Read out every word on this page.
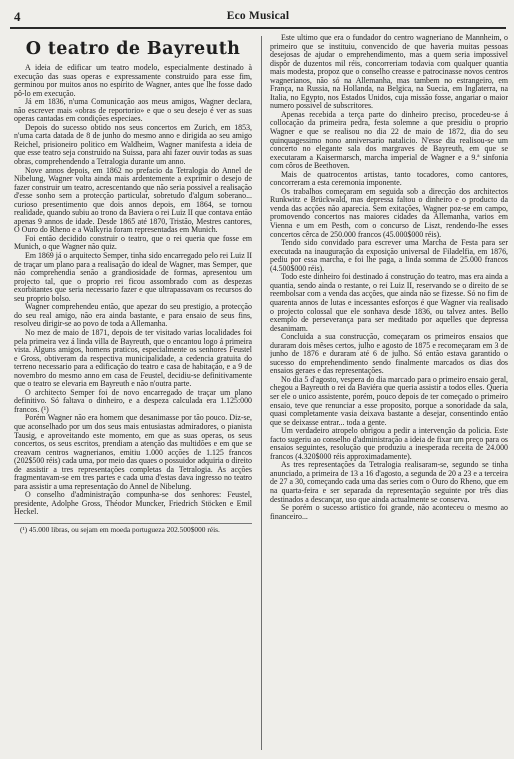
4	Eco Musical
O teatro de Bayreuth

A ideia de edificar um teatro modelo, especialmente destinado à execução das suas operas e expressamente construido para esse fim, germinou por muitos anos no espirito de Wagner, antes que lhe fosse dado pô-lo em execução.

Já em 1836, n'uma Comunicação aos meus amigos, Wagner declara, não escrever mais «obras de reportorio» e que o seu desejo é ver as suas operas cantadas em condições especiaes.

Depois do sucesso obtido nos seus concertos em Zurich, em 1853, n'uma carta datada de 8 de junho do mesmo anno e dirigida ao seu amigo Reichel, prisioneiro politico em Waldheim, Wagner manifesta a ideia de que esse teatro seja construido na Suissa, para ahi fazer ouvir todas as suas obras, comprehendendo a Tetralogia durante um anno.

Nove annos depois, em 1862 no prefacio da Tetralogia do Annel de Nibelung, Wagner volta ainda mais ardentemente a exprimir o desejo de fazer construir um teatro, acrescentando que não seria possivel a realisação d'esse sonho sem a protecção particular, sobretudo d'algum soberano... curioso presentimento que dois annos depois, em 1864, se tornou realidade, quando subiu ao trono da Baviera o rei Luiz II que contava então apenas 9 annos de idade. Desde 1865 até 1870, Tristão, Mestres cantores, O Ouro do Rheno e a Walkyria foram representadas em Munich.

Foi então decidido construir o teatro, que o rei queria que fosse em Munich, o que Wagner não quiz.

Em 1869 já o arquitecto Semper, tinha sido encarregado pelo rei Luiz II de traçar um plano para a realisação do ideal de Wagner, mas Semper, que não comprehendia senão a grandiosidade de formas, apresentou um projecto tal, que o proprio rei ficou assombrado com as despezas exorbitantes que seria necessario fazer e que ultrapassavam os recursos do seu proprio bolso.

Wagner comprehendeu então, que apezar do seu prestigio, a protecção do seu real amigo, não era ainda bastante, e para ensaio de seus fins, resolveu dirigir-se ao povo de toda a Allemanha.

No mez de maio de 1871, depois de ter visitado varias localidades foi pela primeira vez á linda villa de Bayreuth, que o encantou logo á primeira vista. Alguns amigos, homens praticos, especialmente os senhores Feustel e Gross, obtiveram da respectiva municipalidade, a cedencia gratuita do terreno necessario para a edificação do teatro e casa de habitação, e a 9 de novembro do mesmo anno em casa de Feustel, decidiu-se definitivamente que o teatro se elevaria em Bayreuth e não n'outra parte.

O architecto Semper foi de novo encarregado de traçar um plano definitivo. Só faltava o dinheiro, e a despeza calculada era 1.125:000 francos. (¹)

Porém Wagner não era homem que desanimasse por tão pouco. Diz-se, que aconselhado por um dos seus mais entusiastas admiradores, o pianista Tausig, e aproveitando este momento, em que as suas operas, os seus concertos, os seus escritos, prendiam a atenção das multidões e em que se creavam centros wagnerianos, emitiu 1.000 acções de 1.125 francos (202$500 réis) cada uma, por meio das quaes o possuidor adquiria o direito de assistir a tres representações completas da Tetralogia. As acções fragmentavam-se em tres partes e cada uma d'estas dava ingresso no teatro para assistir a uma representação do Annel de Nibelung.

O conselho d'administração compunha-se dos senhores: Feustel, presidente, Adolphe Gross, Théodor Muncker, Friedrich Stöcken e Emil Heckel.

(¹) 45.000 libras, ou sejam em moeda portugueza 202.500$000 réis.

Este ultimo que era o fundador do centro wagneriano de Mannheim, o primeiro que se instituiu, convencido de que haveria muitas pessoas desejosas de ajudar o emprehendimento, mas a quem seria impossivel dispôr de duzentos mil réis, concorreriam todavia com qualquer quantia mais modesta, propoz que o conselho creasse e patrocinasse novos centros wagnerianos, não só na Allemanha, mas tambem no estrangeiro, em França, na Russia, na Hollanda, na Belgica, na Suecia, em Inglaterra, na Italia, no Egypto, nos Estados Unidos, cuja missão fosse, angariar o maior numero possivel de subscritores.

Apenas recebida a terça parte do dinheiro preciso, procedeu-se á collocação da primeira pedra, festa solemne a que presidiu o proprio Wagner e que se realisou no dia 22 de maio de 1872, dia do seu quinquagessimo nono anniversario natalicio. N'esse dia realisou-se um concerto no elegante sala dos margraves de Bayreuth, em que se executaram a Kaisermarsch, marcha imperial de Wagner e a 9.ª sinfonia com côros de Beethoven.

Mais de quatrocentos artistas, tanto tocadores, como cantores, concorreram a esta ceremonia imponente.

Os trabalhos começaram em seguida sob a direcção dos architectos Runkwitz e Brückwald, mas depressa faltou o dinheiro e o producto da venda das acções não aparecia. Sem exitações, Wagner poz-se em campo, promovendo concertos nas maiores cidades da Allemanha, varios em Vienna e um em Pesth, com o concurso de Liszt, rendendo-lhe esses concertos cêrca de 250.000 francos (45.000$000 réis).

Tendo sido convidado para escrever uma Marcha de Festa para ser executada na inauguração da exposição universal de Filadelfia, em 1876, pediu por essa marcha, e foi lhe paga, a linda somma de 25.000 francos (4.500$000 réis).

Todo este dinheiro foi destinado á construção do teatro, mas era ainda a quantia, sendo ainda o restante, o rei Luiz II, reservando se o direito de se reembolsar com a venda das acções, que ainda não se fizesse. Só no fim de quarenta annos de lutas e incessantes esforços é que Wagner via realisado o projecto colossal que ele sonhava desde 1836, ou talvez antes. Bello exemplo de perseverança para ser meditado por aquelles que depressa desanimam.

Concluida a sua construcção, começaram os primeiros ensaios que duraram dois mêses certos, julho e agosto de 1875 e recomeçaram em 3 de junho de 1876 e duraram até 6 de julho. Só então estava garantido o sucesso do emprehendimento sendo finalmente marcados os dias dos ensaios geraes e das representações.

No dia 5 d'agosto, vespera do dia marcado para o primeiro ensaio geral, chegou a Bayreuth o rei da Baviéra que queria assistir a todos elles. Queria ser ele o unico assistente, porém, pouco depois de ter começado o primeiro ensaio, teve que renunciar a esse proposito, porque a sonoridade da sala, quasi completamente vasia deixava bastante a desejar, consentindo então que se deixasse entrar... toda a gente.

Um verdadeiro atropelo obrigou a pedir a intervenção da policia. Este facto sugeriu ao conselho d'administração a ideia de fixar um preço para os ensaios seguintes, resolução que produziu a inesperada receita de 24.000 francos (4.320$000 réis approximadamente).

As tres representações da Tetralogia realisaram-se, segundo se tinha anunciado, a primeira de 13 a 16 d'agosto, a segunda de 20 a 23 e a terceira de 27 a 30, começando cada uma das series com o Ouro do Rheno, que em na quarta-feira e ser separada da representação seguinte por três dias destinados a descançar, uso que ainda actualmente se conserva.

Se porém o sucesso artistico foi grande, não aconteceu o mesmo ao financeiro...
